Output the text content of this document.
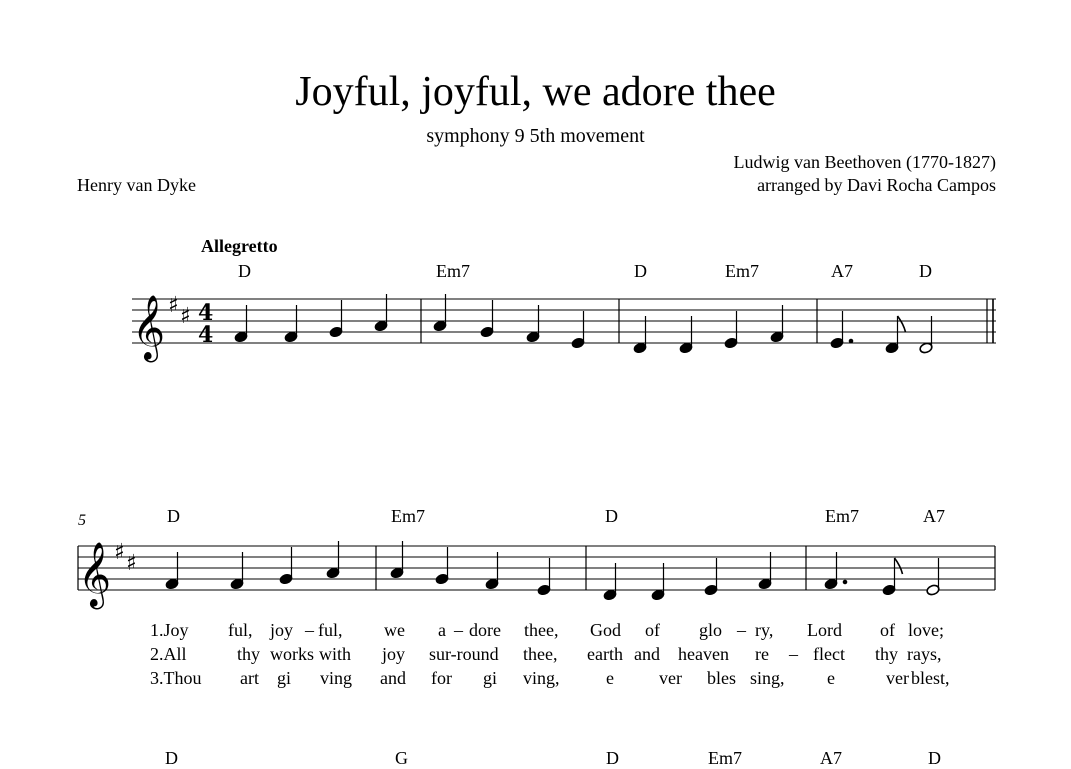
Joyful, joyful, we adore thee
symphony 9 5th movement
Ludwig van Beethoven (1770-1827)
arranged by Davi Rocha Campos
Henry van Dyke
Allegretto
D	Em7	D	Em7	A7	D
5	D	Em7	D	Em7	A7
1.Joy ful, joy – ful, we a – dore thee, God of glo – ry, Lord of love;
2.All	thy works with joy sur-round thee, earth and heaven re – flect thy rays,
3.Thou art gi ving and for gi ving,	e	ver bles sing, e	ver blest,
D	G	D	Em7	A7	D
𝄞 ♯ ♯ 4
4
𝄞 ♯ ♯
